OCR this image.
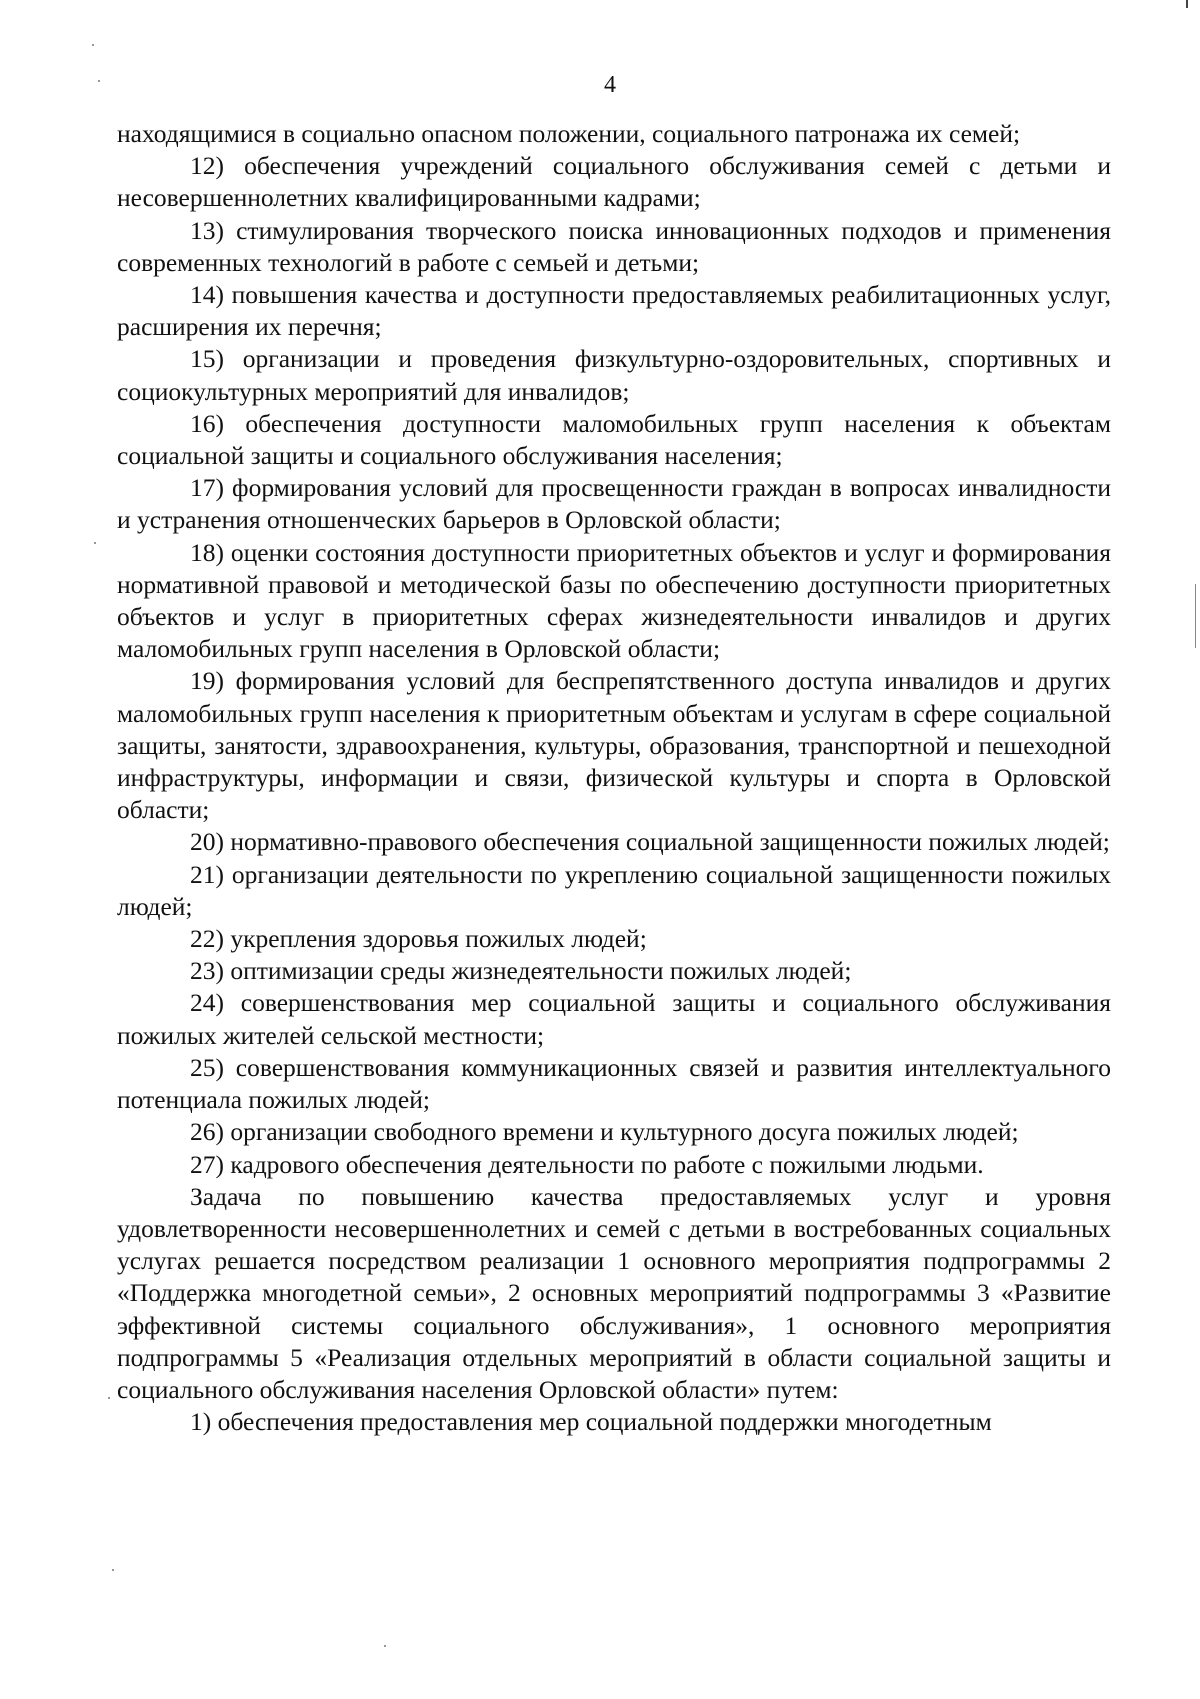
4

находящимися в социально опасном положении, социального патронажа их семей;

12) обеспечения учреждений социального обслуживания семей с детьми и несовершеннолетних квалифицированными кадрами;

13) стимулирования творческого поиска инновационных подходов и применения современных технологий в работе с семьей и детьми;

14) повышения качества и доступности предоставляемых реабилитационных услуг, расширения их перечня;

15) организации и проведения физкультурно-оздоровительных, спортивных и социокультурных мероприятий для инвалидов;

16) обеспечения доступности маломобильных групп населения к объектам социальной защиты и социального обслуживания населения;

17) формирования условий для просвещенности граждан в вопросах инвалидности и устранения отношенческих барьеров в Орловской области;

18) оценки состояния доступности приоритетных объектов и услуг и формирования нормативной правовой и методической базы по обеспечению доступности приоритетных объектов и услуг в приоритетных сферах жизнедеятельности инвалидов и других маломобильных групп населения в Орловской области;

19) формирования условий для беспрепятственного доступа инвалидов и других маломобильных групп населения к приоритетным объектам и услугам в сфере социальной защиты, занятости, здравоохранения, культуры, образования, транспортной и пешеходной инфраструктуры, информации и связи, физической культуры и спорта в Орловской области;

20) нормативно-правового обеспечения социальной защищенности пожилых людей;

21) организации деятельности по укреплению социальной защищенности пожилых людей;

22) укрепления здоровья пожилых людей;

23) оптимизации среды жизнедеятельности пожилых людей;

24) совершенствования мер социальной защиты и социального обслуживания пожилых жителей сельской местности;

25) совершенствования коммуникационных связей и развития интеллектуального потенциала пожилых людей;

26) организации свободного времени и культурного досуга пожилых людей;

27) кадрового обеспечения деятельности по работе с пожилыми людьми.

Задача по повышению качества предоставляемых услуг и уровня удовлетворенности несовершеннолетних и семей с детьми в востребованных социальных услугах решается посредством реализации 1 основного мероприятия подпрограммы 2 «Поддержка многодетной семьи», 2 основных мероприятий подпрограммы 3 «Развитие эффективной системы социального обслуживания», 1 основного мероприятия подпрограммы 5 «Реализация отдельных мероприятий в области социальной защиты и социального обслуживания населения Орловской области» путем:

1) обеспечения предоставления мер социальной поддержки многодетным
